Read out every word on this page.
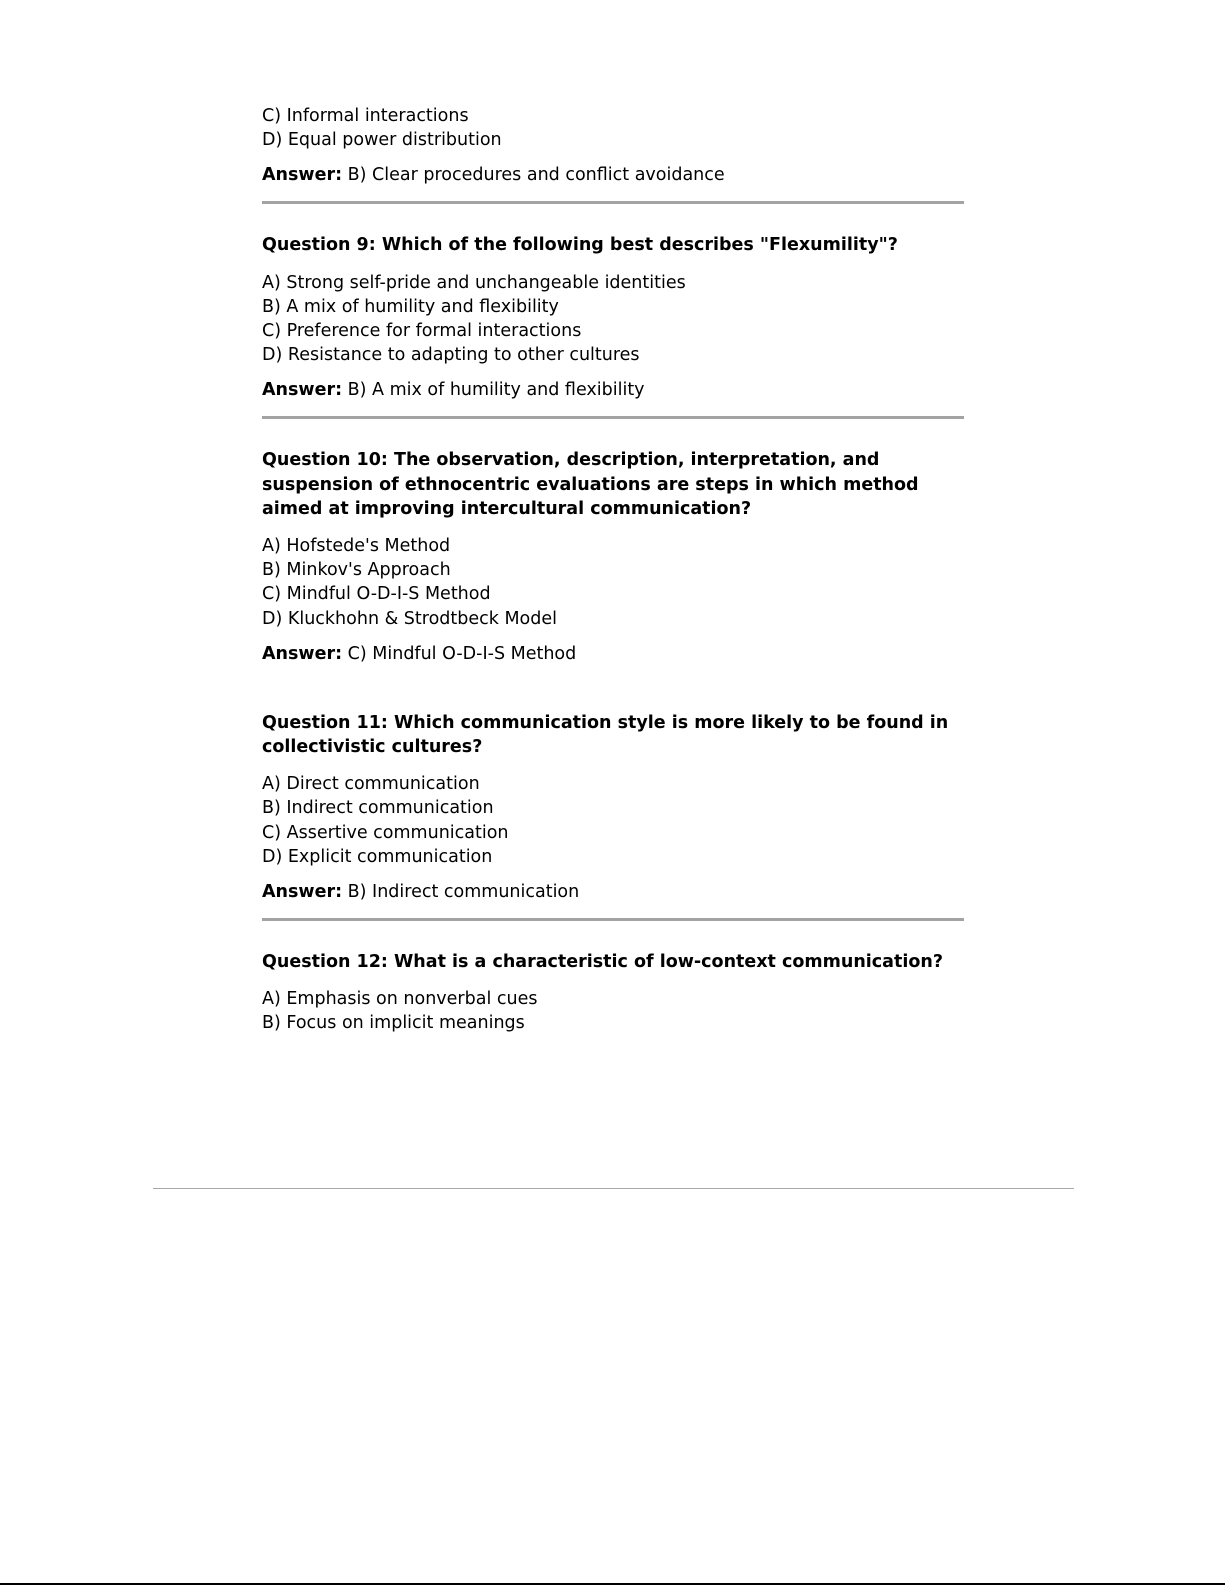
C) Informal interactions

D) Equal power distribution

Answer: B) Clear procedures and conflict avoidance

Question 9: Which of the following best describes "Flexumility"?

A) Strong self-pride and unchangeable identities

B) A mix of humility and flexibility

C) Preference for formal interactions

D) Resistance to adapting to other cultures

Answer: B) A mix of humility and flexibility

Question 10: The observation, description, interpretation, and suspension of ethnocentric evaluations are steps in which method aimed at improving intercultural communication?

A) Hofstede's Method

B) Minkov's Approach

C) Mindful O-D-I-S Method

D) Kluckhohn & Strodtbeck Model

Answer: C) Mindful O-D-I-S Method

Question 11: Which communication style is more likely to be found in collectivistic cultures?

A) Direct communication

B) Indirect communication

C) Assertive communication

D) Explicit communication

Answer: B) Indirect communication

Question 12: What is a characteristic of low-context communication?

A) Emphasis on nonverbal cues

B) Focus on implicit meanings
